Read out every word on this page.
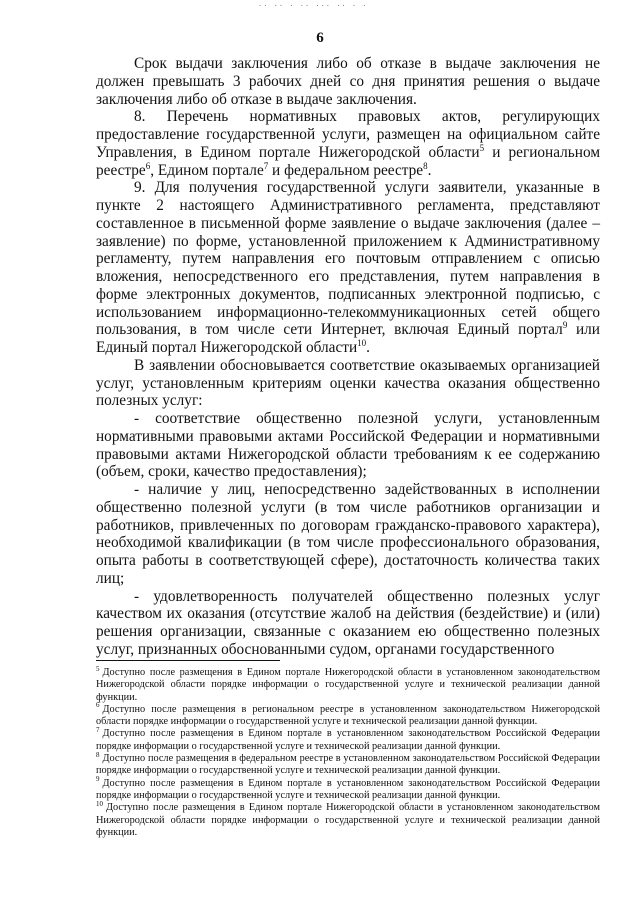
·· ·· · ·· ··· ·· · ·
6

Срок выдачи заключения либо об отказе в выдаче заключения не должен превышать 3 рабочих дней со дня принятия решения о выдаче заключения либо об отказе в выдаче заключения.

8. Перечень нормативных правовых актов, регулирующих предоставление государственной услуги, размещен на официальном сайте Управления, в Едином портале Нижегородской области$^5$ и региональном реестре$^6$, Едином портале$^7$ и федеральном реестре$^8$.

9. Для получения государственной услуги заявители, указанные в пункте 2 настоящего Административного регламента, представляют составленное в письменной форме заявление о выдаче заключения (далее – заявление) по форме, установленной приложением к Административному регламенту, путем направления его почтовым отправлением с описью вложения, непосредственного его представления, путем направления в форме электронных документов, подписанных электронной подписью, с использованием информационно-телекоммуникационных сетей общего пользования, в том числе сети Интернет, включая Единый портал$^9$ или Единый портал Нижегородской области$^{10}$.

В заявлении обосновывается соответствие оказываемых организацией услуг, установленным критериям оценки качества оказания общественно полезных услуг:

- соответствие общественно полезной услуги, установленным нормативными правовыми актами Российской Федерации и нормативными правовыми актами Нижегородской области требованиям к ее содержанию (объем, сроки, качество предоставления);

- наличие у лиц, непосредственно задействованных в исполнении общественно полезной услуги (в том числе работников организации и работников, привлеченных по договорам гражданско-правового характера), необходимой квалификации (в том числе профессионального образования, опыта работы в соответствующей сфере), достаточность количества таких лиц;

- удовлетворенность получателей общественно полезных услуг качеством их оказания (отсутствие жалоб на действия (бездействие) и (или) решения организации, связанные с оказанием ею общественно полезных услуг, признанных обоснованными судом, органами государственного

$^5$ Доступно после размещения в Едином портале Нижегородской области в установленном законодательством Нижегородской области порядке информации о государственной услуге и технической реализации данной функции.

$^6$ Доступно после размещения в региональном реестре в установленном законодательством Нижегородской области порядке информации о государственной услуге и технической реализации данной функции.

$^7$ Доступно после размещения в Едином портале в установленном законодательством Российской Федерации порядке информации о государственной услуге и технической реализации данной функции.

$^8$ Доступно после размещения в федеральном реестре в установленном законодательством Российской Федерации порядке информации о государственной услуге и технической реализации данной функции.

$^9$ Доступно после размещения в Едином портале в установленном законодательством Российской Федерации порядке информации о государственной услуге и технической реализации данной функции.

$^{10}$ Доступно после размещения в Едином портале Нижегородской области в установленном законодательством Нижегородской области порядке информации о государственной услуге и технической реализации данной функции.
